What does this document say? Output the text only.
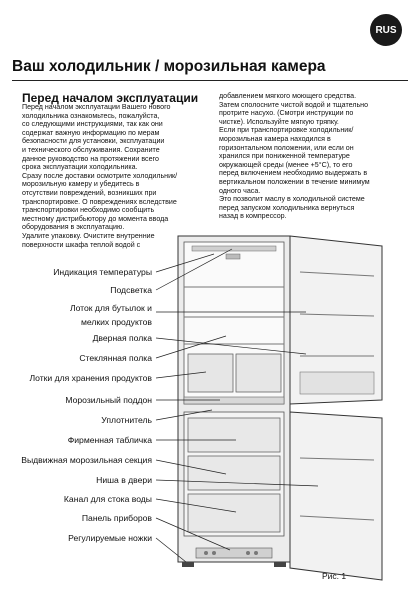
RUS
Ваш холодильник / морозильная камера
Перед началом эксплуатации

Перед началом эксплуатации Вашего нового

холодильника ознакомьтесь, пожалуйста,

со следующими инструкциями, так как они

содержат важную информацию по мерам

безопасности для установки, эксплуатации

и технического обслуживания. Сохраните

данное руководство на протяжении всего

срока эксплуатации холодильника.

Сразу после доставки осмотрите холодильник/

морозильную камеру и убедитесь в

отсутствии повреждений, возникших при

транспортировке. О повреждениях вследствие

транспортировки необходимо сообщить

местному дистрибьютору до момента ввода

оборудования в эксплуатацию.

Удалите упаковку. Очистите внутренние

поверхности шкафа теплой водой с

добавлением мягкого моющего средства.

Затем сполосните чистой водой и тщательно

протрите насухо. (Смотри инструкции по

чистке). Используйте мягкую тряпку.

Если при транспортировке холодильник/

морозильная камера находился в

горизонтальном положении, или если он

хранился при пониженной температуре

окружающей среды (менее +5°C), то его

перед включением необходимо выдержать в

вертикальном положении в течение минимум

одного часа.

Это позволит маслу в холодильной системе

перед запуском холодильника вернуться

назад в компрессор.

Индикация температуры
Подсветка
Лоток для бутылок и
мелких продуктов
Дверная полка
Стеклянная полка
Лотки для хранения продуктов
Морозильный поддон
Уплотнитель
Фирменная табличка
Выдвижная морозильная секция
Ниша в двери
Канал для стока воды
Панель приборов
Регулируемые ножки
Рис. 1
